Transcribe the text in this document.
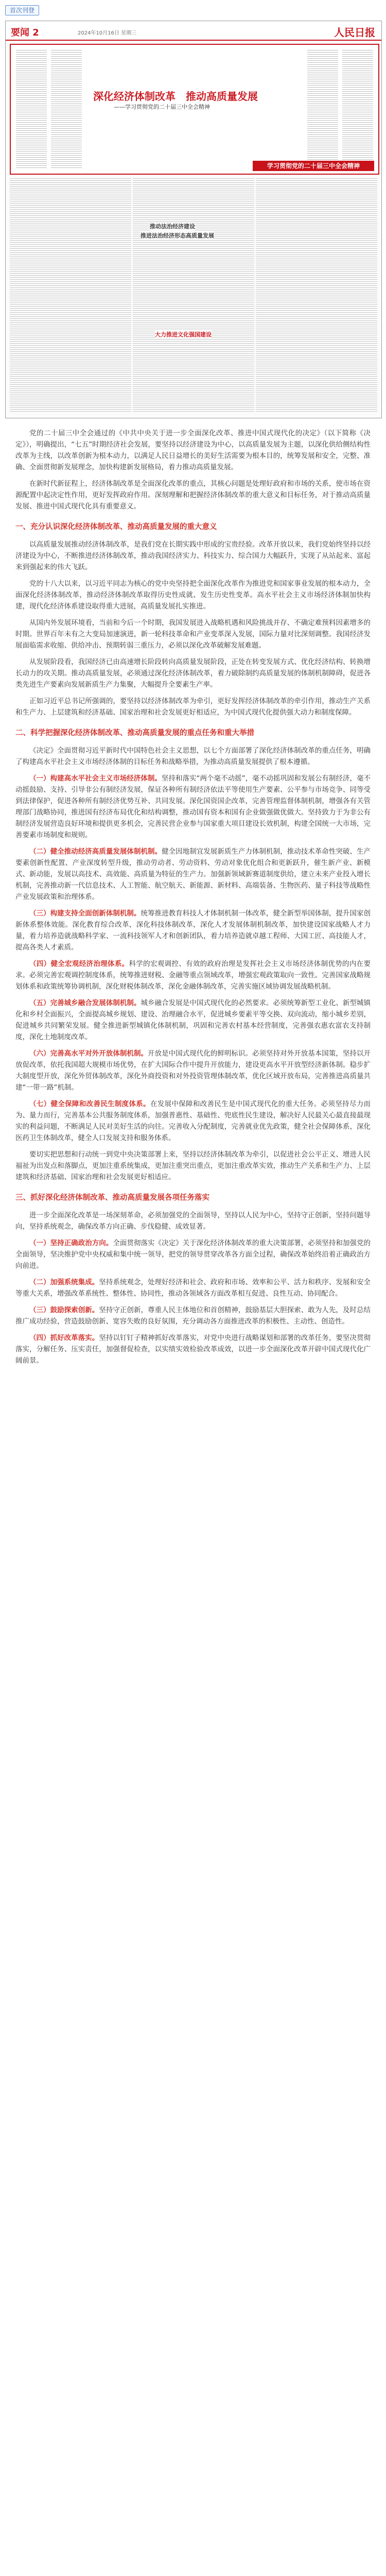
首次刊登
要闻 2	2024年10月16日 星期三	人民日报
深化经济体制改革　推动高质量发展
——学习贯彻党的二十届三中全会精神
学习贯彻党的二十届三中全会精神
推动法治经济建设
推进法治经济形态高质量发展
大力推进文化强国建设

党的二十届三中全会通过的《中共中央关于进一步全面深化改革、推进中国式现代化的决定》（以下简称《决定》），明确提出，“七五”时期经济社会发展，要坚持以经济建设为中心，以高质量发展为主题，以深化供给侧结构性改革为主线，以改革创新为根本动力，以满足人民日益增长的美好生活需要为根本目的，统筹发展和安全，完整、准确、全面贯彻新发展理念，加快构建新发展格局，着力推动高质量发展。

在新时代新征程上，经济体制改革是全面深化改革的重点，其核心问题是处理好政府和市场的关系，使市场在资源配置中起决定性作用，更好发挥政府作用。深刻理解和把握经济体制改革的重大意义和目标任务，对于推动高质量发展、推进中国式现代化具有重要意义。

一、充分认识深化经济体制改革、推动高质量发展的重大意义

以高质量发展推动经济体制改革，是我们党在长期实践中形成的宝贵经验。改革开放以来，我们党始终坚持以经济建设为中心，不断推进经济体制改革，推动我国经济实力、科技实力、综合国力大幅跃升，实现了从站起来、富起来到强起来的伟大飞跃。

党的十八大以来，以习近平同志为核心的党中央坚持把全面深化改革作为推进党和国家事业发展的根本动力，全面深化经济体制改革，推动经济体制改革取得历史性成就、发生历史性变革。高水平社会主义市场经济体制加快构建，现代化经济体系建设取得重大进展，高质量发展扎实推进。

从国内外发展环境看，当前和今后一个时期，我国发展进入战略机遇和风险挑战并存、不确定难预料因素增多的时期。世界百年未有之大变局加速演进，新一轮科技革命和产业变革深入发展，国际力量对比深刻调整。我国经济发展面临需求收缩、供给冲击、预期转弱三重压力，必须以深化改革破解发展难题。

从发展阶段看，我国经济已由高速增长阶段转向高质量发展阶段，正处在转变发展方式、优化经济结构、转换增长动力的攻关期。推动高质量发展，必须通过深化经济体制改革，着力破除制约高质量发展的体制机制障碍，促进各类先进生产要素向发展新质生产力集聚，大幅提升全要素生产率。

正如习近平总书记所强调的，要坚持以经济体制改革为牵引，更好发挥经济体制改革的牵引作用，推动生产关系和生产力、上层建筑和经济基础、国家治理和社会发展更好相适应，为中国式现代化提供强大动力和制度保障。

二、科学把握深化经济体制改革、推动高质量发展的重点任务和重大举措

《决定》全面贯彻习近平新时代中国特色社会主义思想，以七个方面部署了深化经济体制改革的重点任务，明确了构建高水平社会主义市场经济体制的目标任务和战略举措，为推动高质量发展提供了根本遵循。

（一）构建高水平社会主义市场经济体制。坚持和落实“两个毫不动摇”，毫不动摇巩固和发展公有制经济，毫不动摇鼓励、支持、引导非公有制经济发展，保证各种所有制经济依法平等使用生产要素、公平参与市场竞争、同等受到法律保护，促进各种所有制经济优势互补、共同发展。深化国资国企改革，完善管理监督体制机制，增强各有关管理部门战略协同，推进国有经济布局优化和结构调整，推动国有资本和国有企业做强做优做大。坚持致力于为非公有制经济发展营造良好环境和提供更多机会，完善民营企业参与国家重大项目建设长效机制，构建全国统一大市场，完善要素市场制度和规则。

（二）健全推动经济高质量发展体制机制。健全因地制宜发展新质生产力体制机制，推动技术革命性突破、生产要素创新性配置、产业深度转型升级，推动劳动者、劳动资料、劳动对象优化组合和更新跃升，催生新产业、新模式、新动能，发展以高技术、高效能、高质量为特征的生产力。加强新领域新赛道制度供给，建立未来产业投入增长机制，完善推动新一代信息技术、人工智能、航空航天、新能源、新材料、高端装备、生物医药、量子科技等战略性产业发展政策和治理体系。

（三）构建支持全面创新体制机制。统筹推进教育科技人才体制机制一体改革，健全新型举国体制，提升国家创新体系整体效能。深化教育综合改革，深化科技体制改革，深化人才发展体制机制改革，加快建设国家战略人才力量，着力培养造就战略科学家、一流科技领军人才和创新团队，着力培养造就卓越工程师、大国工匠、高技能人才，提高各类人才素质。

（四）健全宏观经济治理体系。科学的宏观调控、有效的政府治理是发挥社会主义市场经济体制优势的内在要求。必须完善宏观调控制度体系，统筹推进财税、金融等重点领域改革，增强宏观政策取向一致性。完善国家战略规划体系和政策统筹协调机制，深化财税体制改革，深化金融体制改革，完善实施区域协调发展战略机制。

（五）完善城乡融合发展体制机制。城乡融合发展是中国式现代化的必然要求。必须统筹新型工业化、新型城镇化和乡村全面振兴，全面提高城乡规划、建设、治理融合水平，促进城乡要素平等交换、双向流动，缩小城乡差别，促进城乡共同繁荣发展。健全推进新型城镇化体制机制，巩固和完善农村基本经营制度，完善强农惠农富农支持制度，深化土地制度改革。

（六）完善高水平对外开放体制机制。开放是中国式现代化的鲜明标识。必须坚持对外开放基本国策，坚持以开放促改革，依托我国超大规模市场优势，在扩大国际合作中提升开放能力，建设更高水平开放型经济新体制。稳步扩大制度型开放，深化外贸体制改革，深化外商投资和对外投资管理体制改革，优化区域开放布局，完善推进高质量共建“一带一路”机制。

（七）健全保障和改善民生制度体系。在发展中保障和改善民生是中国式现代化的重大任务。必须坚持尽力而为、量力而行，完善基本公共服务制度体系，加强普惠性、基础性、兜底性民生建设，解决好人民最关心最直接最现实的利益问题，不断满足人民对美好生活的向往。完善收入分配制度，完善就业优先政策，健全社会保障体系，深化医药卫生体制改革，健全人口发展支持和服务体系。

要切实把思想和行动统一到党中央决策部署上来，坚持以经济体制改革为牵引，以促进社会公平正义、增进人民福祉为出发点和落脚点，更加注重系统集成，更加注重突出重点，更加注重改革实效，推动生产关系和生产力、上层建筑和经济基础、国家治理和社会发展更好相适应。

三、抓好深化经济体制改革、推动高质量发展各项任务落实

进一步全面深化改革是一场深刻革命，必须加强党的全面领导，坚持以人民为中心，坚持守正创新，坚持问题导向，坚持系统观念，确保改革方向正确、步伐稳健、成效显著。

（一）坚持正确政治方向。全面贯彻落实《决定》关于深化经济体制改革的重大决策部署，必须坚持和加强党的全面领导，坚决维护党中央权威和集中统一领导，把党的领导贯穿改革各方面全过程，确保改革始终沿着正确政治方向前进。

（二）加强系统集成。坚持系统观念，处理好经济和社会、政府和市场、效率和公平、活力和秩序、发展和安全等重大关系，增强改革系统性、整体性、协同性，推动各领域各方面改革相互促进、良性互动、协同配合。

（三）鼓励探索创新。坚持守正创新，尊重人民主体地位和首创精神，鼓励基层大胆探索、敢为人先，及时总结推广成功经验，营造鼓励创新、宽容失败的良好氛围，充分调动各方面推进改革的积极性、主动性、创造性。

（四）抓好改革落实。坚持以钉钉子精神抓好改革落实，对党中央进行战略谋划和部署的改革任务，要坚决贯彻落实，分解任务、压实责任，加强督促检查，以实绩实效检验改革成效，以进一步全面深化改革开辟中国式现代化广阔前景。
